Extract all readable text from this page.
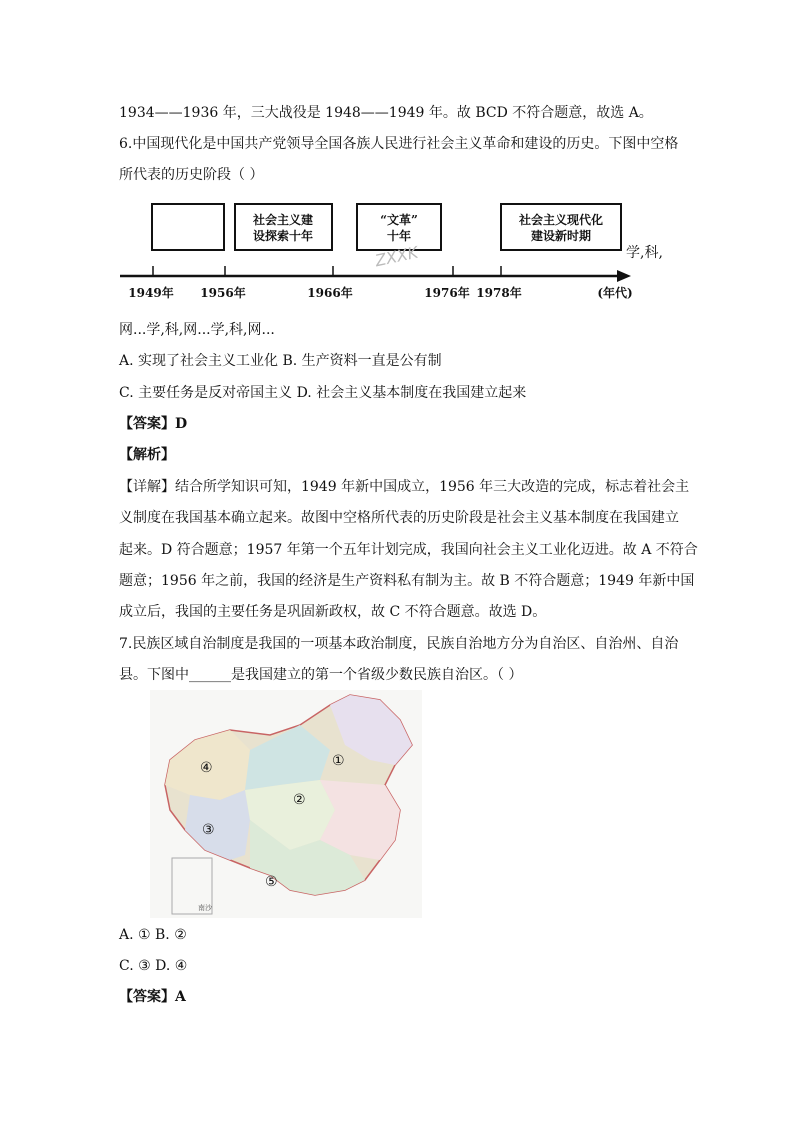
1934——1936 年，三大战役是 1948——1949 年。故 BCD 不符合题意，故选 A。
6.中国现代化是中国共产党领导全国各族人民进行社会主义革命和建设的历史。下图中空格
所代表的历史阶段（ ）
社会主义建
设探索十年
“文革”
十年
社会主义现代化
建设新时期
1949年 1956年	1966年	1976年 1978年	(年代)
ZXXK	学,科,
网...学,科,网...学,科,网...
A. 实现了社会主义工业化 B. 生产资料一直是公有制
C. 主要任务是反对帝国主义 D. 社会主义基本制度在我国建立起来
【答案】D
【解析】
【详解】结合所学知识可知，1949 年新中国成立，1956 年三大改造的完成，标志着社会主
义制度在我国基本确立起来。故图中空格所代表的历史阶段是社会主义基本制度在我国建立
起来。D 符合题意；1957 年第一个五年计划完成，我国向社会主义工业化迈进。故 A 不符合
题意；1956 年之前，我国的经济是生产资料私有制为主。故 B 不符合题意；1949 年新中国
成立后，我国的主要任务是巩固新政权，故 C 不符合题意。故选 D。
7.民族区域自治制度是我国的一项基本政治制度，民族自治地方分为自治区、自治州、自治
县。下图中______是我国建立的第一个省级少数民族自治区。（ ）
南沙
①
②
③
④
⑤
A. ① B. ②
C. ③ D. ④
【答案】A
